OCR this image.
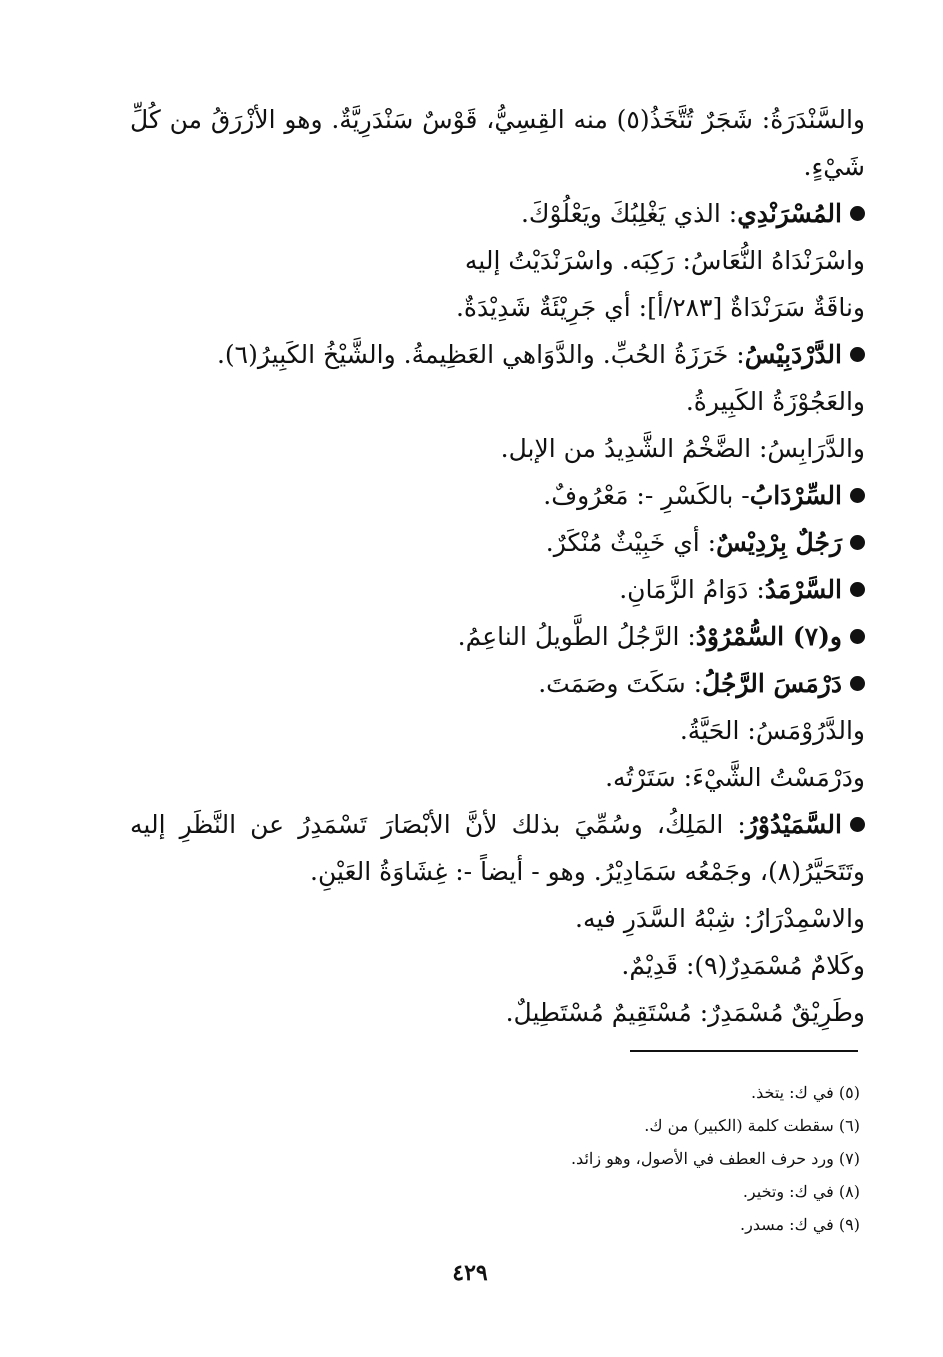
والسَّنْدَرَةُ: شَجَرٌ تُتَّخَذُ(٥) منه القِسِيُّ، قَوْسٌ سَنْدَرِيَّةٌ. وهو الأزْرَقُ من كُلِّ
شَيْءٍ.
المُسْرَنْدِي: الذي يَغْلِبُكَ ويَعْلُوْكَ.
واسْرَنْدَاهُ النُّعَاسُ: رَكِبَه. واسْرَنْدَيْتُ إليه
وناقَةٌ سَرَنْدَاةٌ [٢٨٣/أ]: أي جَرِيْئَةٌ شَدِيْدَةٌ.
الدَّرْدَبِيْسُ: خَرَزَةُ الحُبِّ. والدَّوَاهي العَظِيمةُ. والشَّيْخُ الكَبِيرُ(٦).
والعَجُوْزَةُ الكَبِيرةُ.
والدَّرَابِسُ: الضَّخْمُ الشَّدِيدُ من الإبل.
السِّرْدَابُ- بالكَسْرِ -: مَعْرُوفٌ.
رَجُلٌ بِرْدِيْسٌ: أي خَبِيْثٌ مُنْكَرٌ.
السَّرْمَدُ: دَوَامُ الزَّمَانِ.
و(٧) السُّمْرُوْدُ: الرَّجُلُ الطَّويلُ الناعِمُ.
دَرْمَسَ الرَّجُلُ: سَكَتَ وصَمَتَ.
والدَّرُوْمَسُ: الحَيَّةُ.
ودَرْمَسْتُ الشَّيْءَ: سَتَرْتُه.
السَّمَيْدُوْرُ: المَلِكُ، وسُمِّيَ بذلك لأنَّ الأبْصَارَ تَسْمَدِرُ عن النَّظَرِ إليه
وتَتَحَيَّرُ(٨)، وجَمْعُه سَمَادِيْرُ. وهو - أيضاً -: غِشَاوَةُ العَيْنِ.
والاسْمِدْرَارُ: شِبْهُ السَّدَرِ فيه.
وكَلامٌ مُسْمَدِرٌ(٩): قَدِيْمٌ.
وطَرِيْقٌ مُسْمَدِرٌ: مُسْتَقِيمٌ مُسْتَطِيلٌ.
(٥) في ك: يتخذ.
(٦) سقطت كلمة (الكبير) من ك.
(٧) ورد حرف العطف في الأصول، وهو زائد.
(٨) في ك: وتخير.
(٩) في ك: مسدر.
٤٢٩
